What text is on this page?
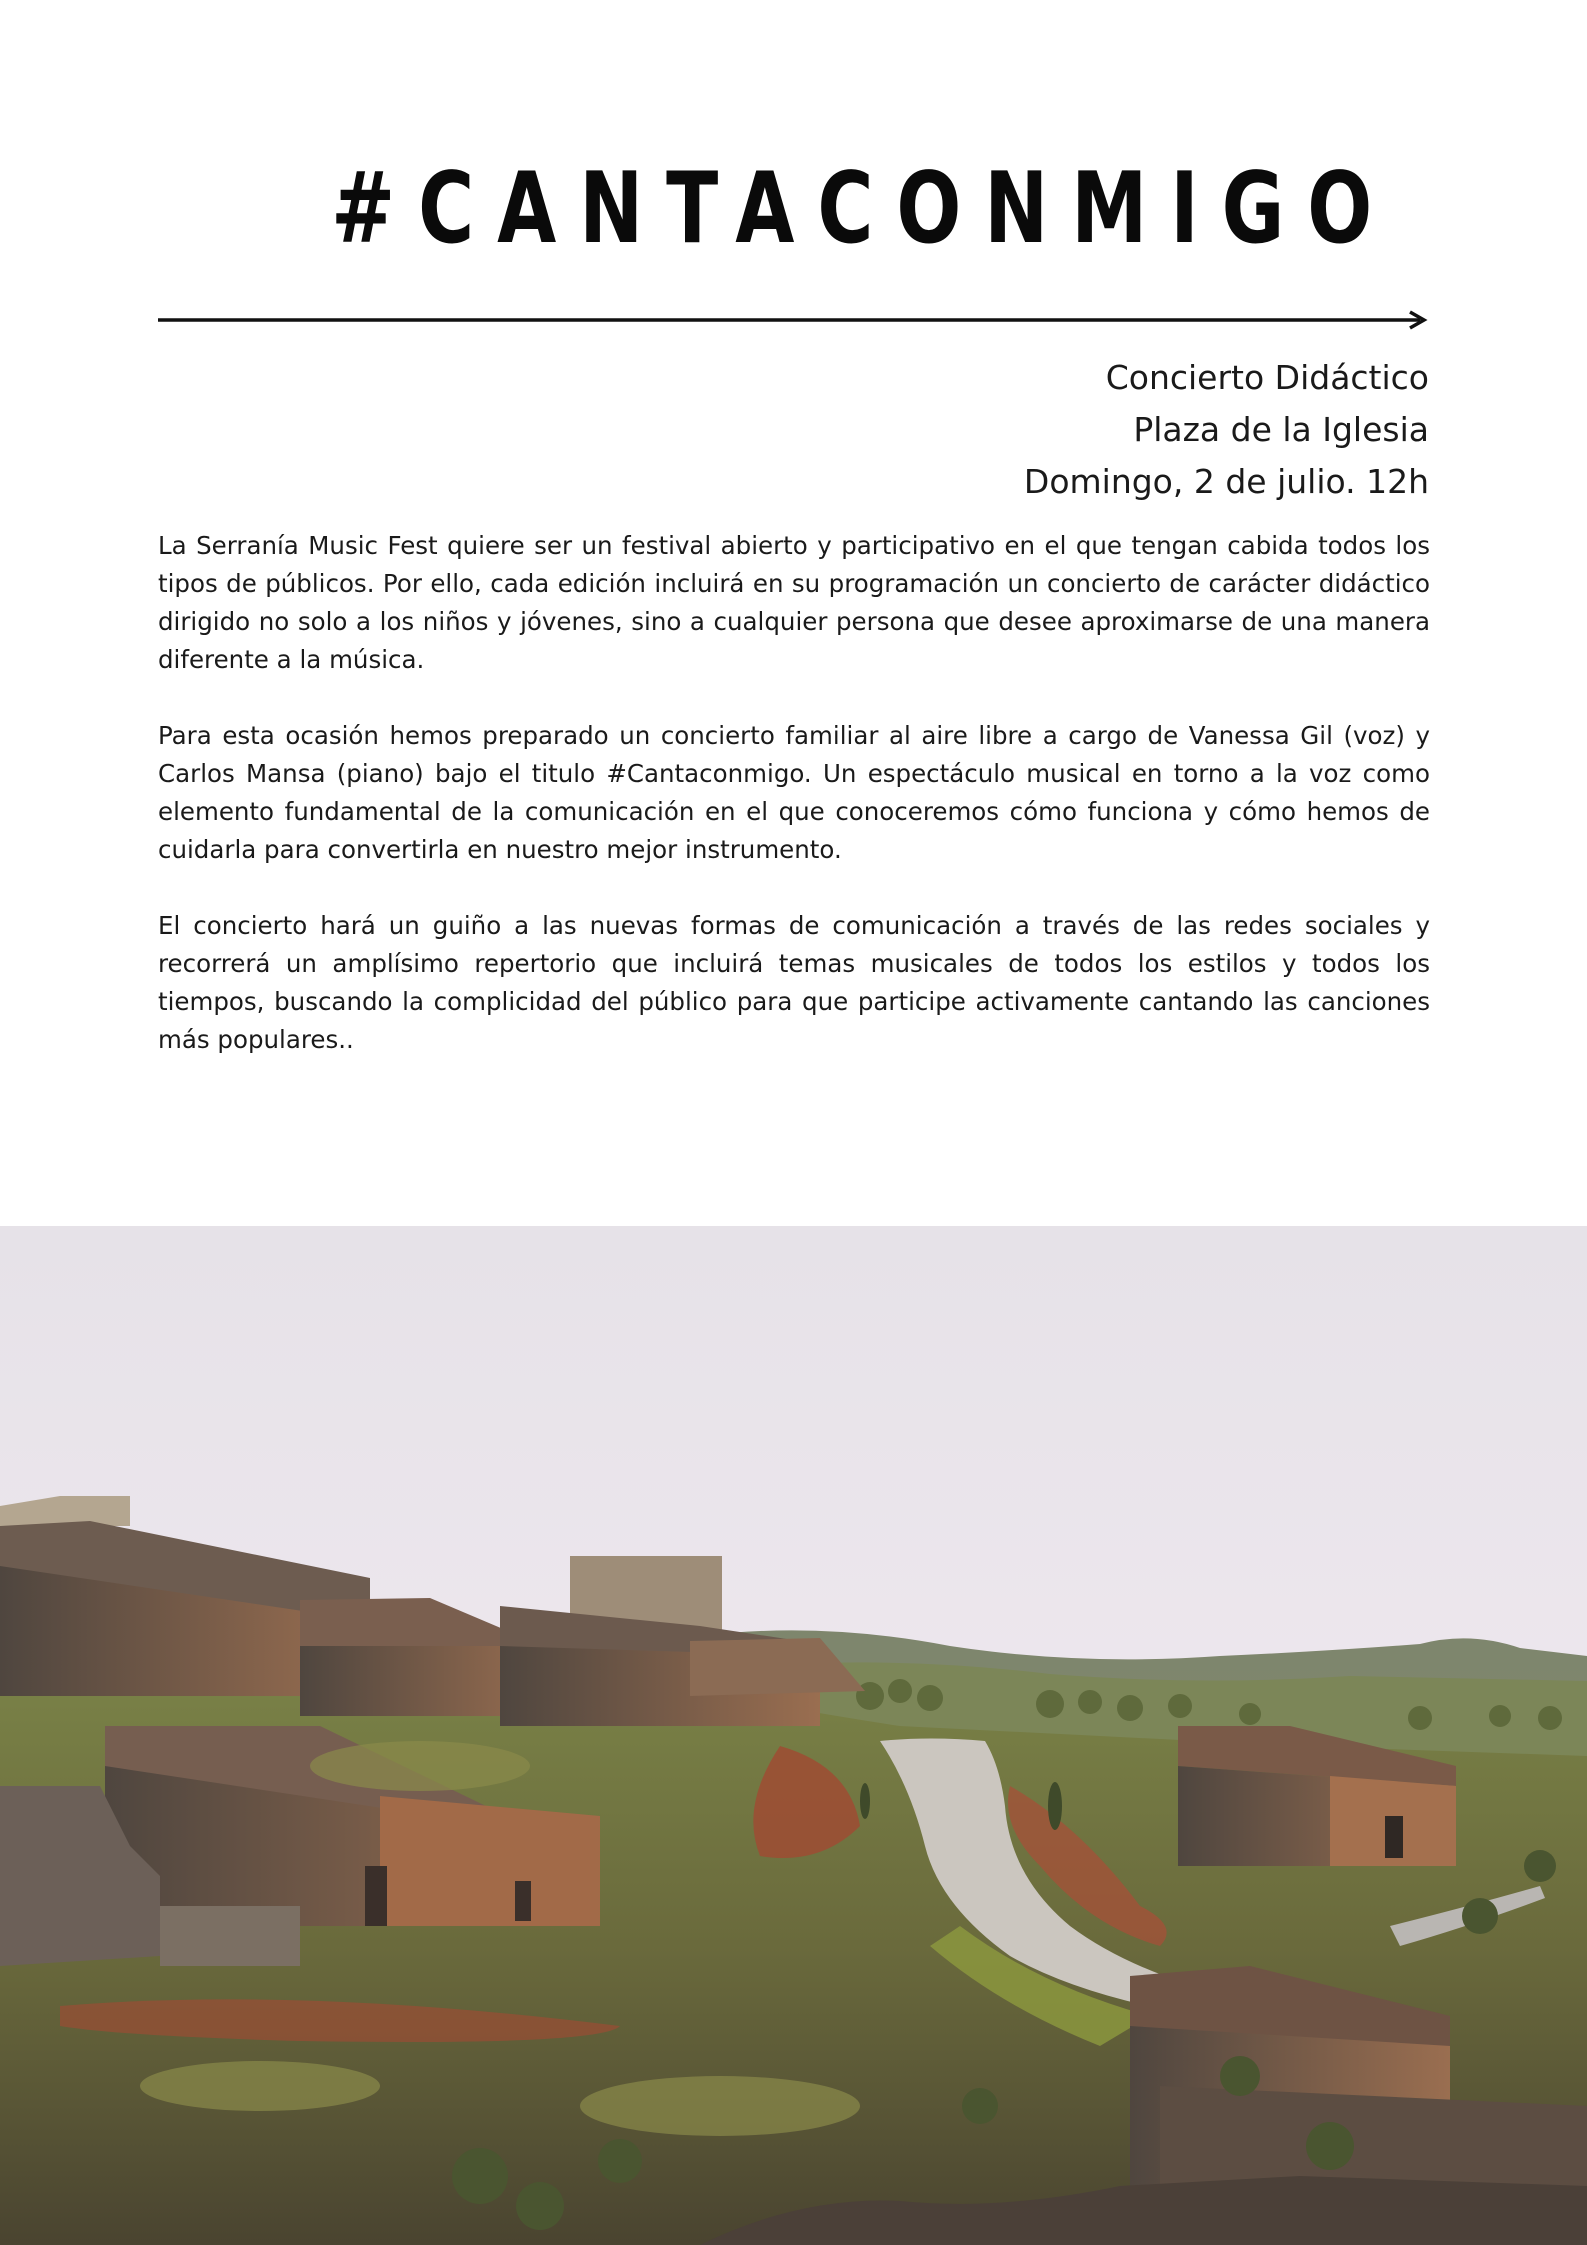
#CANTACONMIGO
Concierto Didáctico
Plaza de la Iglesia
Domingo, 2 de julio. 12h

La Serranía Music Fest quiere ser un festival abierto y participativo en el que tengan cabida todos los tipos de públicos. Por ello, cada edición incluirá en su programación un concierto de carácter didáctico dirigido no solo a los niños y jóvenes, sino a cualquier persona que desee aproximarse de una manera diferente a la música.

Para esta ocasión hemos preparado un concierto familiar al aire libre a cargo de Vanessa Gil (voz) y Carlos Mansa (piano) bajo el titulo #Cantaconmigo. Un espectáculo musical en torno a la voz como elemento fundamental de la comunicación en el que conoceremos cómo funciona y cómo hemos de cuidarla para convertirla en nuestro mejor instrumento.

El concierto hará un guiño a las nuevas formas de comunicación a través de las redes sociales y recorrerá un amplísimo repertorio que incluirá temas musicales de todos los estilos y todos los tiempos, buscando la complicidad del público para que participe activamente cantando las canciones más populares..
